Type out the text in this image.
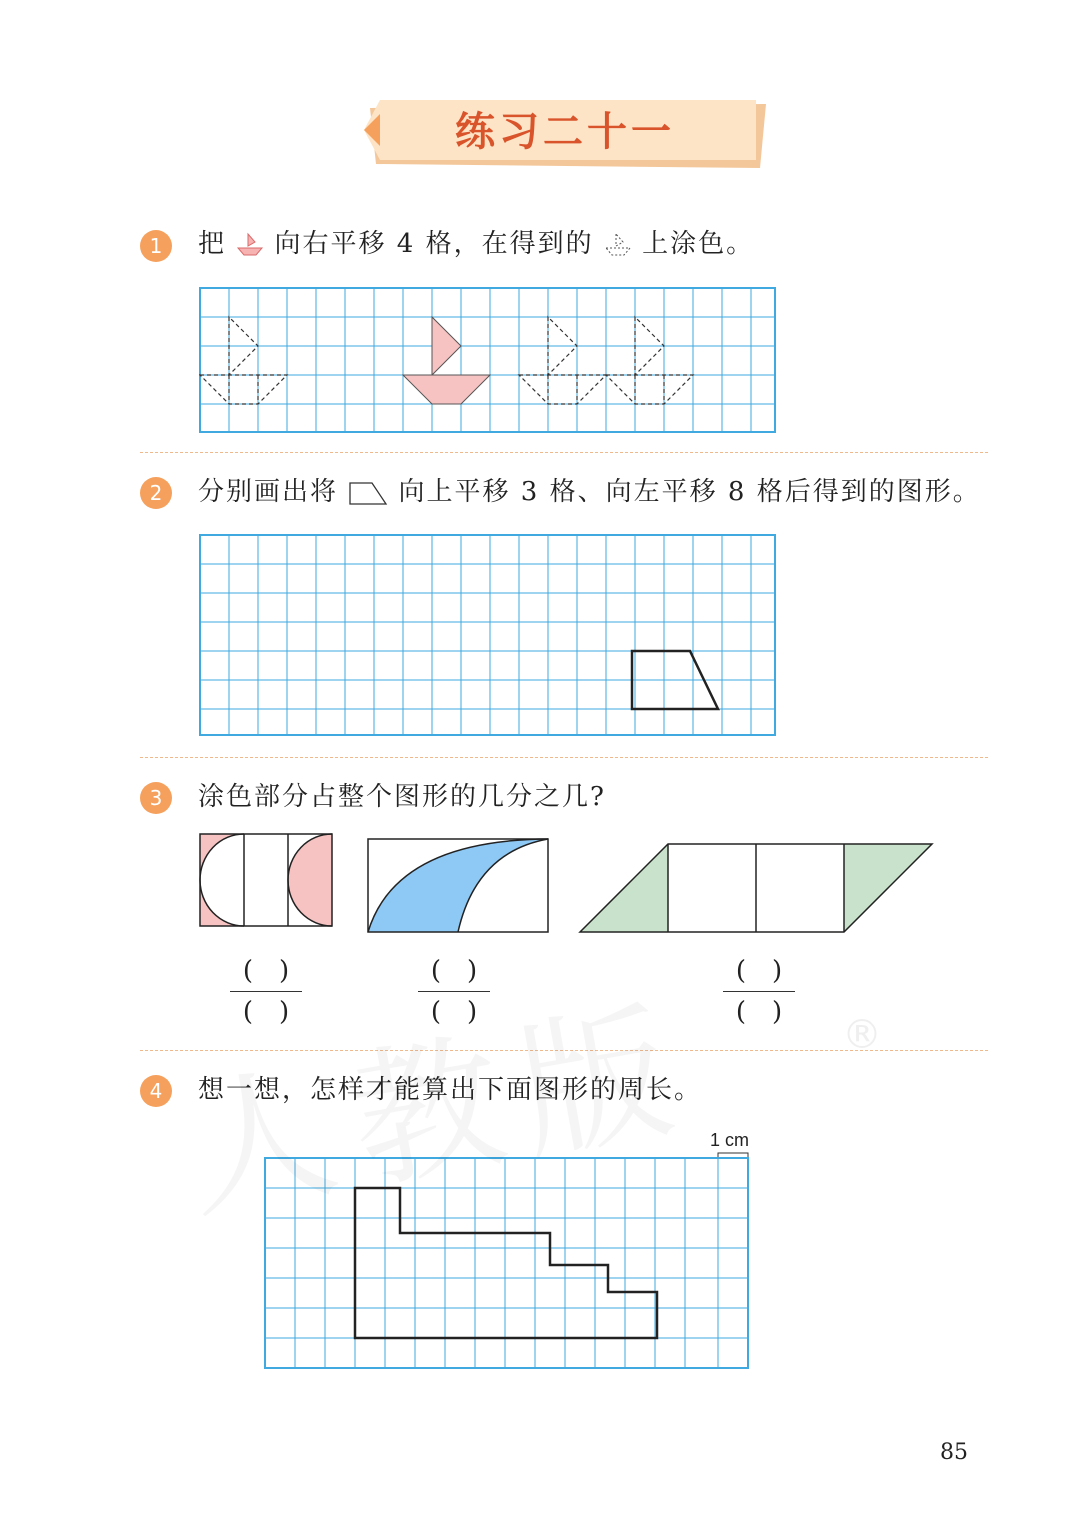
练习二十一
1	把 向右平移 4 格，在得到的 上涂色。
2	分别画出将 向上平移 3 格、向左平移 8 格后得到的图形。
3	涂色部分占整个图形的几分之几?
(  )
(  )
(  )
(  )
(  )
(  )
4	想一想，怎样才能算出下面图形的周长。
1 cm
®
85
